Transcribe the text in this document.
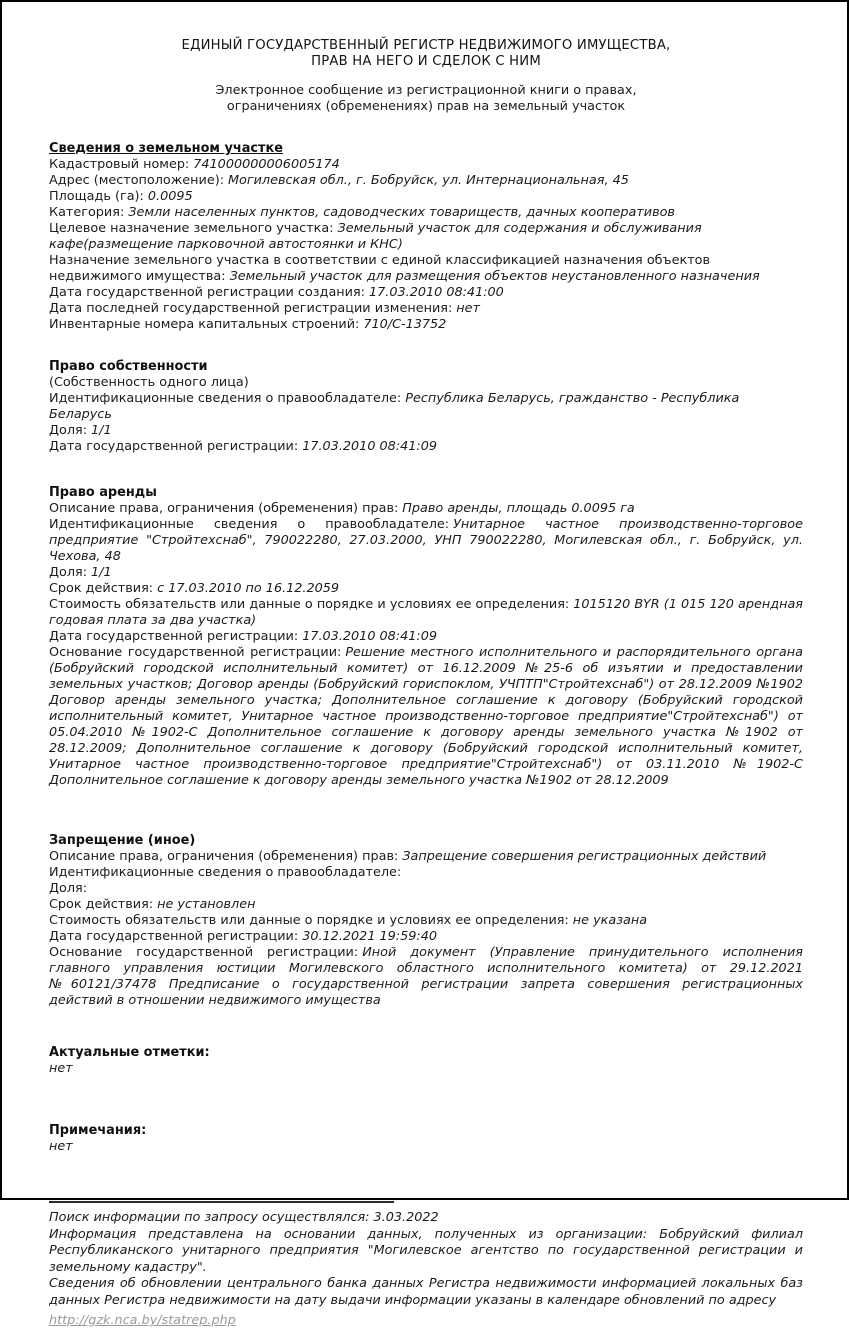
ЕДИНЫЙ ГОСУДАРСТВЕННЫЙ РЕГИСТР НЕДВИЖИМОГО ИМУЩЕСТВА,

ПРАВ НА НЕГО И СДЕЛОК С НИМ

Электронное сообщение из регистрационной книги о правах,

ограничениях (обременениях) прав на земельный участок

Сведения о земельном участке

Кадастровый номер: 741000000006005174

Адрес (местоположение): Могилевская обл., г. Бобруйск, ул. Интернациональная, 45

Площадь (га): 0.0095

Категория: Земли населенных пунктов, садоводческих товариществ, дачных кооперативов

Целевое назначение земельного участка: Земельный участок для содержания и обслуживания кафе(размещение парковочной автостоянки и КНС)

Назначение земельного участка в соответствии с единой классификацией назначения объектов недвижимого имущества: Земельный участок для размещения объектов неустановленного назначения

Дата государственной регистрации создания: 17.03.2010 08:41:00

Дата последней государственной регистрации изменения: нет

Инвентарные номера капитальных строений: 710/С-13752

Право собственности

(Собственность одного лица)

Идентификационные сведения о правообладателе: Республика Беларусь, гражданство - Республика Беларусь

Доля: 1/1

Дата государственной регистрации: 17.03.2010 08:41:09

Право аренды

Описание права, ограничения (обременения) прав: Право аренды, площадь 0.0095 га

Идентификационные сведения о правообладателе: Унитарное частное производственно-торговое предприятие "Стройтехснаб", 790022280, 27.03.2000, УНП 790022280, Могилевская обл., г. Бобруйск, ул. Чехова, 48

Доля: 1/1

Срок действия: с 17.03.2010 по 16.12.2059

Стоимость обязательств или данные о порядке и условиях ее определения: 1015120 BYR (1 015 120 арендная годовая плата за два участка)

Дата государственной регистрации: 17.03.2010 08:41:09

Основание государственной регистрации: Решение местного исполнительного и распорядительного органа (Бобруйский городской исполнительный комитет) от 16.12.2009 №25-6 об изъятии и предоставлении земельных участков; Договор аренды (Бобруйский гориспоклом, УЧПТП"Стройтехснаб") от 28.12.2009 №1902 Договор аренды земельного участка; Дополнительное соглашение к договору (Бобруйский городской исполнительный комитет, Унитарное частное производственно-торговое предприятие"Стройтехснаб") от 05.04.2010 №1902-С Дополнительное соглашение к договору аренды земельного участка №1902 от 28.12.2009; Дополнительное соглашение к договору (Бобруйский городской исполнительный комитет, Унитарное частное производственно-торговое предприятие"Стройтехснаб") от 03.11.2010 №1902-С Дополнительное соглашение к договору аренды земельного участка №1902 от 28.12.2009

Запрещение (иное)

Описание права, ограничения (обременения) прав: Запрещение совершения регистрационных действий

Идентификационные сведения о правообладателе:

Доля:

Срок действия: не установлен

Стоимость обязательств или данные о порядке и условиях ее определения: не указана

Дата государственной регистрации: 30.12.2021 19:59:40

Основание государственной регистрации: Иной документ (Управление принудительного исполнения главного управления юстиции Могилевского областного исполнительного комитета) от 29.12.2021 №60121/37478 Предписание о государственной регистрации запрета совершения регистрационных действий в отношении недвижимого имущества

Актуальные отметки:

нет

Примечания:

нет

Поиск информации по запросу осуществлялся: 3.03.2022

Информация представлена на основании данных, полученных из организации: Бобруйский филиал Республиканского унитарного предприятия "Могилевское агентство по государственной регистрации и земельному кадастру".

Сведения об обновлении центрального банка данных Регистра недвижимости информацией локальных баз данных Регистра недвижимости на дату выдачи информации указаны в календаре обновлений по адресу

http://gzk.nca.by/statrep.php
